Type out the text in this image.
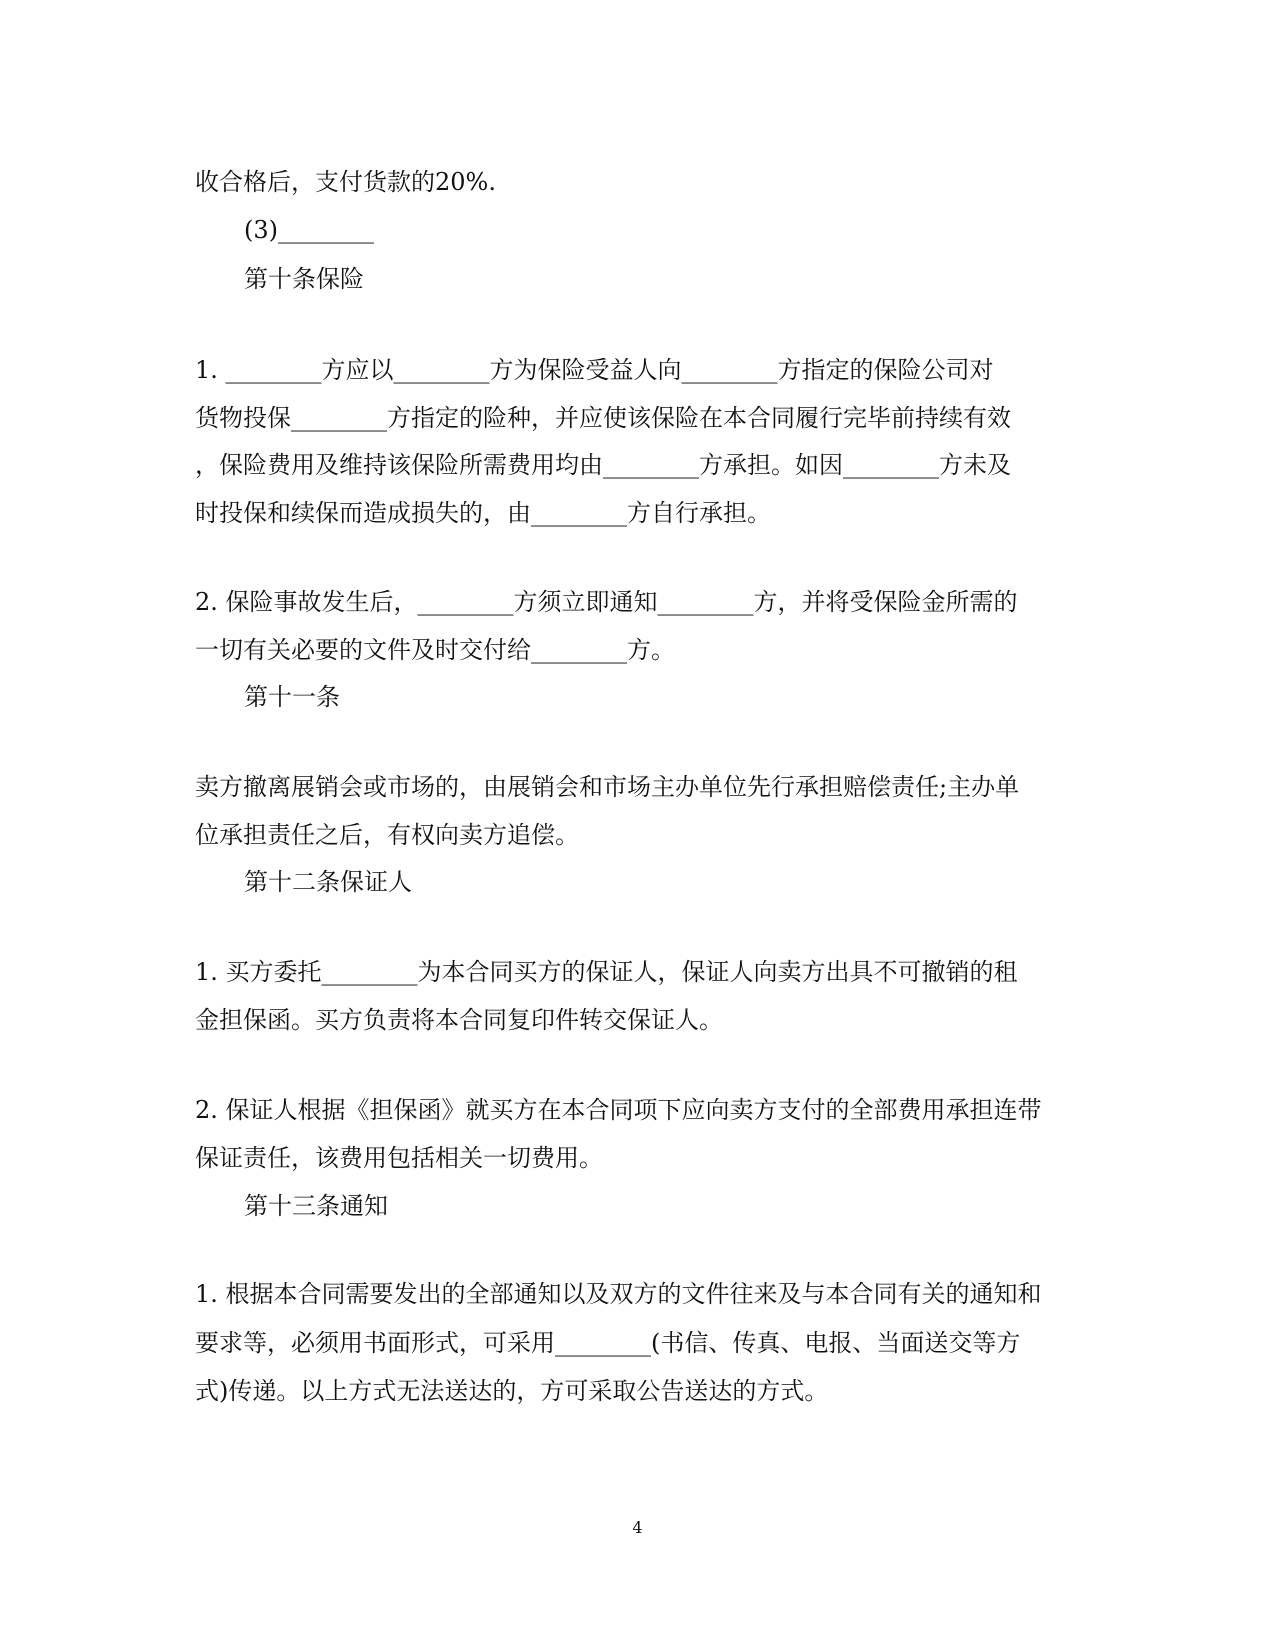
收合格后，支付货款的20%.
(3)________
第十条保险
1. ________方应以________方为保险受益人向________方指定的保险公司对
货物投保________方指定的险种，并应使该保险在本合同履行完毕前持续有效
，保险费用及维持该保险所需费用均由________方承担。如因________方未及
时投保和续保而造成损失的，由________方自行承担。
2. 保险事故发生后，________方须立即通知________方，并将受保险金所需的
一切有关必要的文件及时交付给________方。
第十一条
卖方撤离展销会或市场的，由展销会和市场主办单位先行承担赔偿责任;主办单
位承担责任之后，有权向卖方追偿。
第十二条保证人
1. 买方委托________为本合同买方的保证人，保证人向卖方出具不可撤销的租
金担保函。买方负责将本合同复印件转交保证人。
2. 保证人根据《担保函》就买方在本合同项下应向卖方支付的全部费用承担连带
保证责任，该费用包括相关一切费用。
第十三条通知
1. 根据本合同需要发出的全部通知以及双方的文件往来及与本合同有关的通知和
要求等，必须用书面形式，可采用________(书信、传真、电报、当面送交等方
式)传递。以上方式无法送达的，方可采取公告送达的方式。
4
